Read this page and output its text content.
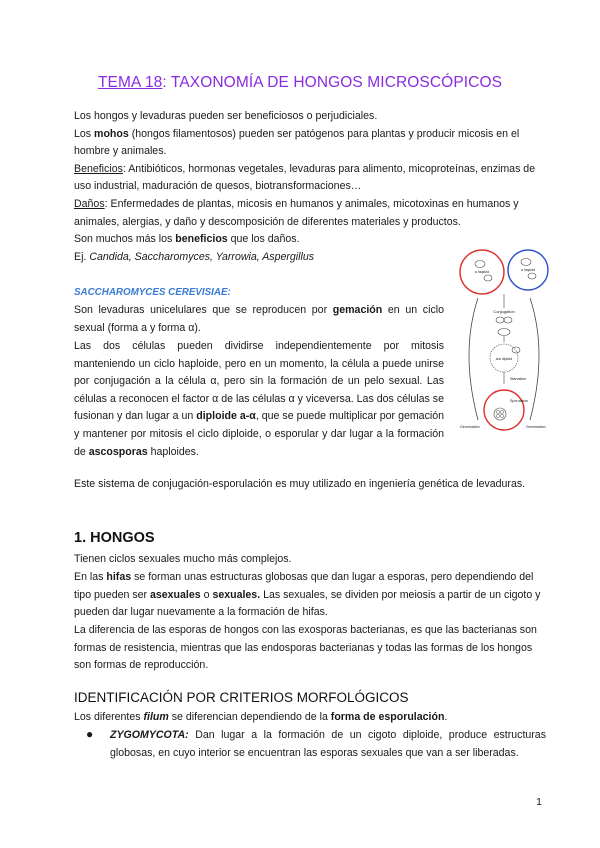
TEMA 18: TAXONOMÍA DE HONGOS MICROSCÓPICOS

Los hongos y levaduras pueden ser beneficiosos o perjudiciales.
Los mohos (hongos filamentosos) pueden ser patógenos para plantas y producir micosis en el hombre y animales.
Beneficios: Antibióticos, hormonas vegetales, levaduras para alimento, micoproteínas, enzimas de uso industrial, maduración de quesos, biotransformaciones…
Daños: Enfermedades de plantas, micosis en humanos y animales, micotoxinas en humanos y animales, alergias, y daño y descomposición de diferentes materiales y productos.
Son muchos más los beneficios que los daños.
Ej. Candida, Saccharomyces, Yarrowia, Aspergillus

SACCHAROMYCES CEREVISIAE:

Son levaduras unicelulares que se reproducen por gemación en un ciclo sexual (forma a y forma α).

Las dos células pueden dividirse independientemente por mitosis manteniendo un ciclo haploide, pero en un momento, la célula a puede unirse por conjugación a la célula α, pero sin la formación de un pelo sexual. Las células a reconocen el factor α de las células α y viceversa. Las dos células se fusionan y dan lugar a un diploide a-α, que se puede multiplicar por gemación y mantener por mitosis el ciclo diploide, o esporular y dar lugar a la formación de ascosporas haploides.

Este sistema de conjugación-esporulación es muy utilizado en ingeniería genética de levaduras.

a haploid	α haploid
Conjugation
a/α diploid
Starvation
Sporulation
Germination	Germination
1. HONGOS

Tienen ciclos sexuales mucho más complejos.

En las hifas se forman unas estructuras globosas que dan lugar a esporas, pero dependiendo del tipo pueden ser asexuales o sexuales. Las sexuales, se dividen por meiosis a partir de un cigoto y pueden dar lugar nuevamente a la formación de hifas.

La diferencia de las esporas de hongos con las exosporas bacterianas, es que las bacterianas son formas de resistencia, mientras que las endosporas bacterianas y todas las formas de los hongos son formas de reproducción.

IDENTIFICACIÓN POR CRITERIOS MORFOLÓGICOS

Los diferentes filum se diferencian dependiendo de la forma de esporulación.

● ZYGOMYCOTA: Dan lugar a la formación de un cigoto diploide, produce estructuras globosas, en cuyo interior se encuentran las esporas sexuales que van a ser liberadas.

1
